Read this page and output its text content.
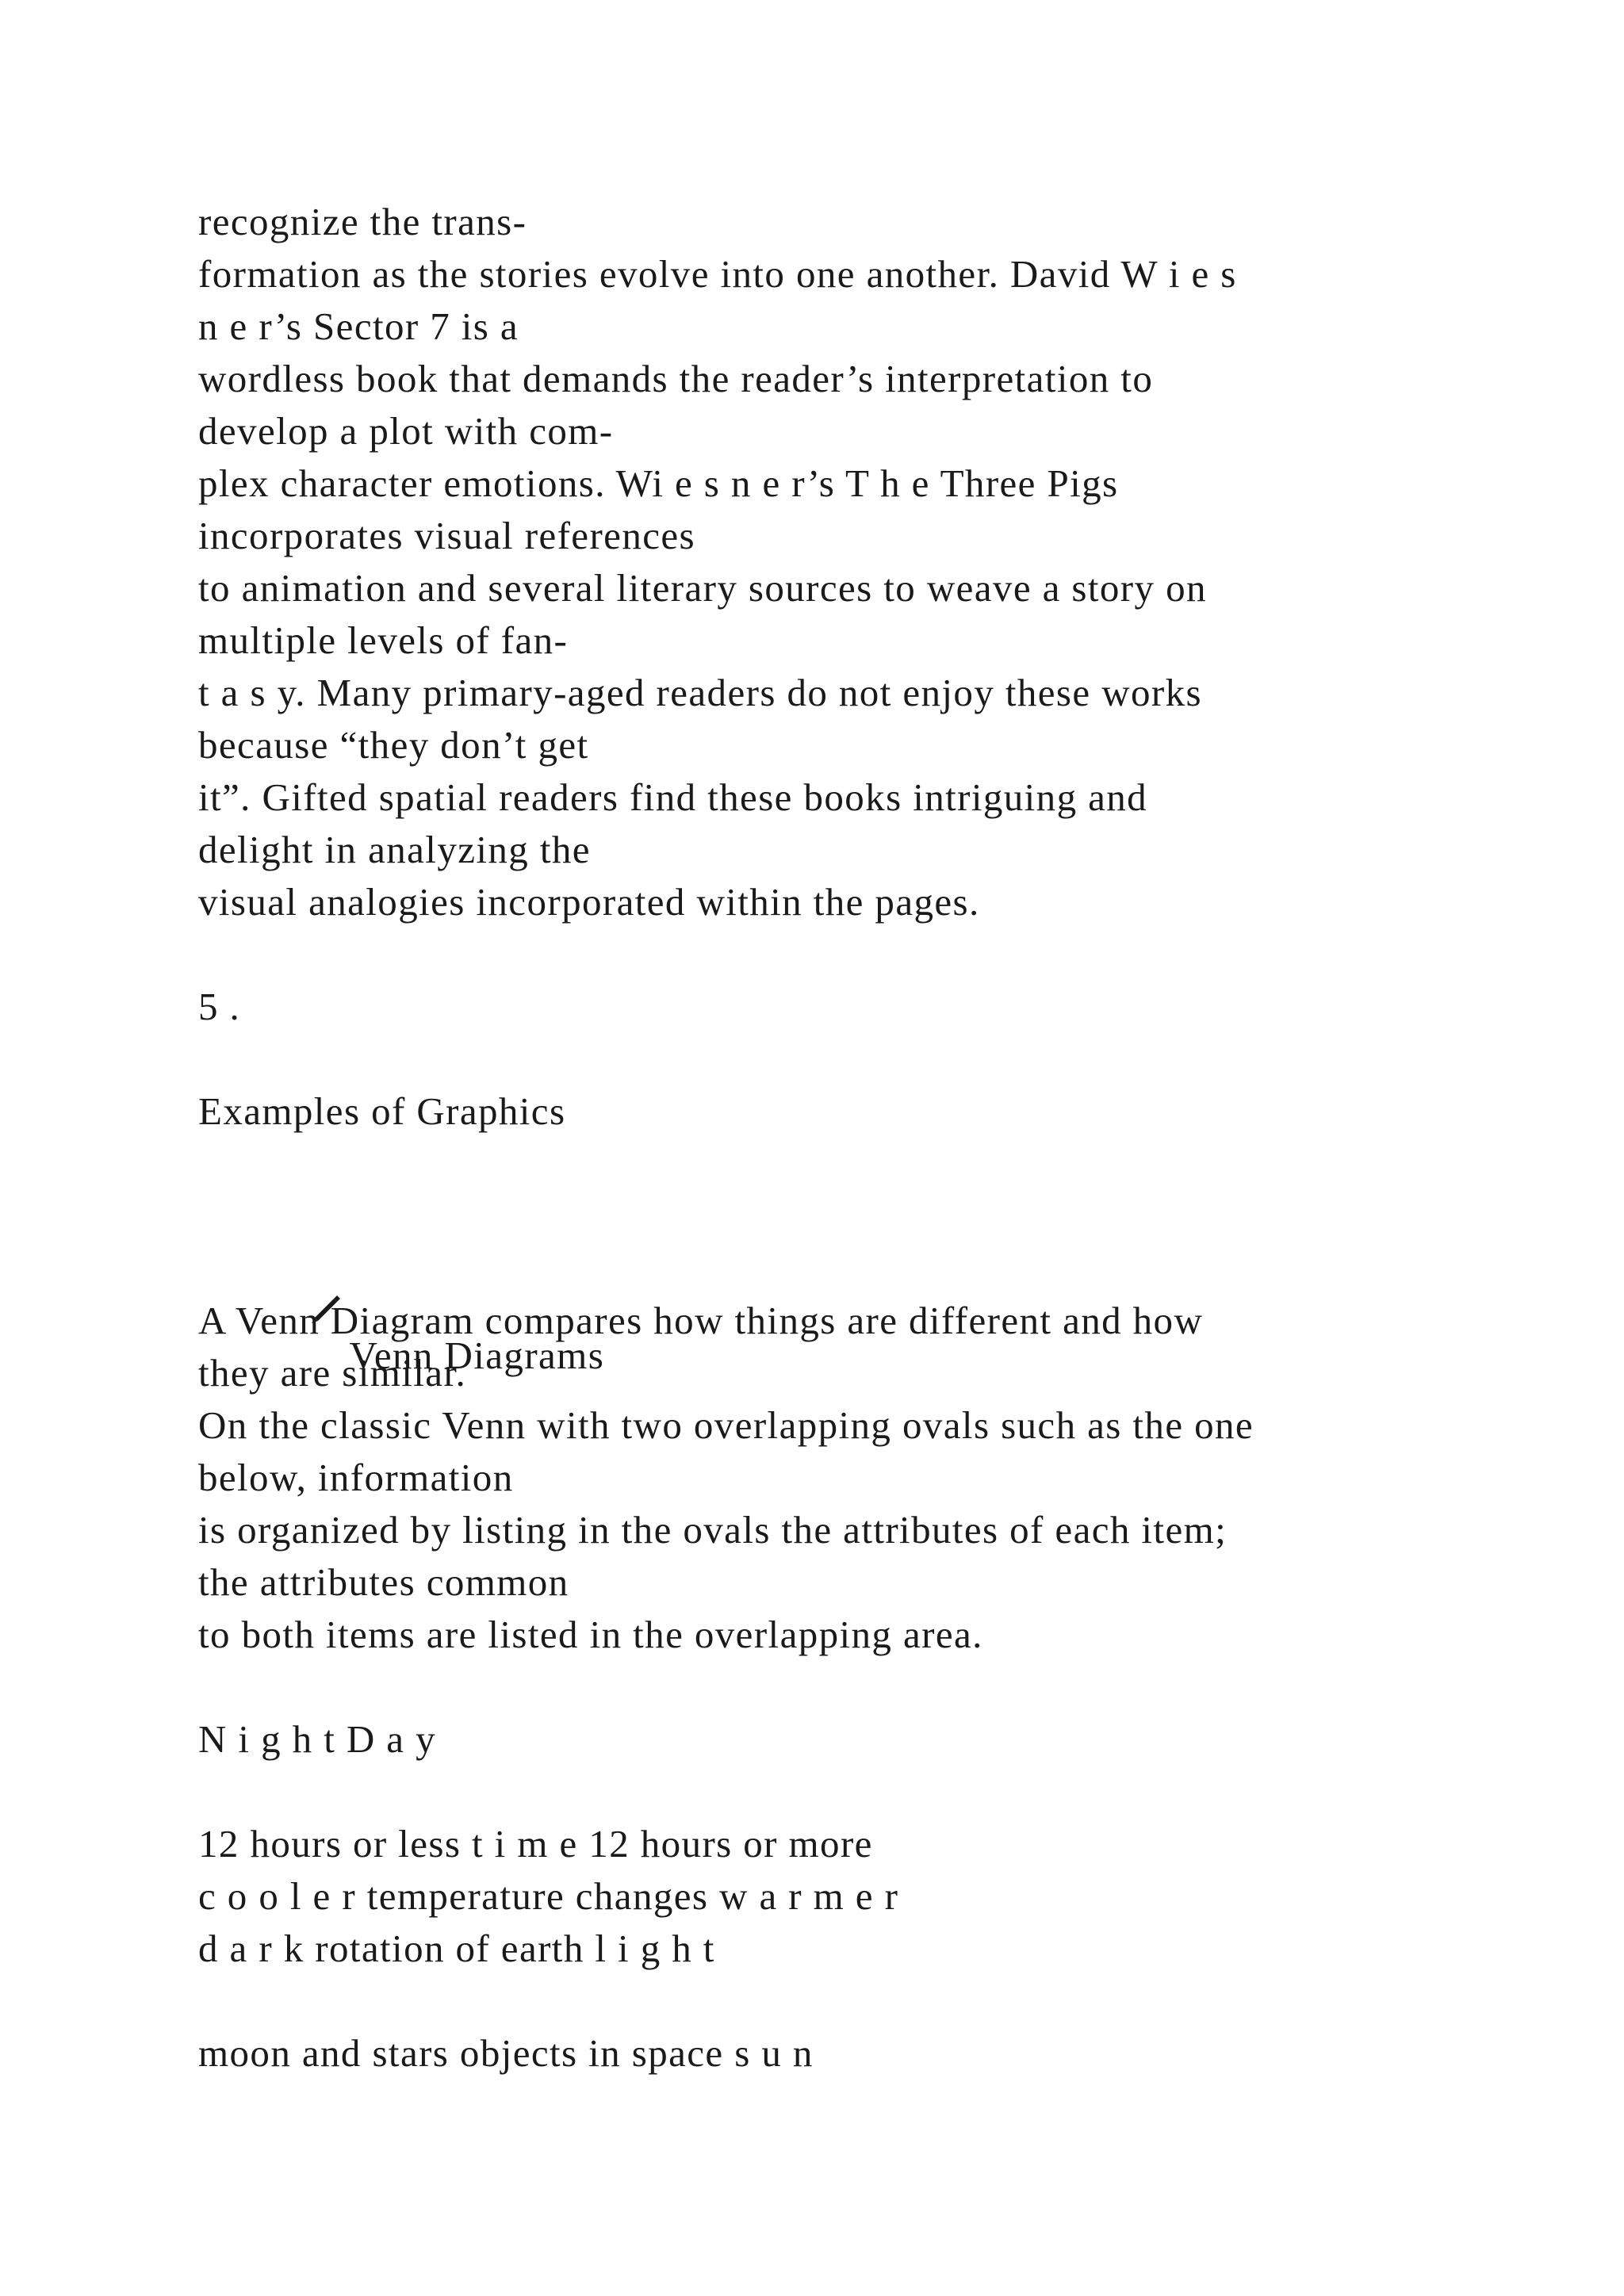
recognize the trans-

formation as the stories evolve into one another. David W i e s

n e r’s Sector 7 is a

wordless book that demands the reader’s interpretation to

develop a plot with com-

plex character emotions. Wi e s n e r’s T h e Three Pigs

incorporates visual references

to animation and several literary sources to weave a story on

multiple levels of fan-

t a s y. Many primary-aged readers do not enjoy these works

because “they don’t get

it”. Gifted spatial readers find these books intriguing and

delight in analyzing the

visual analogies incorporated within the pages.

5 .

Examples of Graphics

Venn Diagrams

A Venn Diagram compares how things are different and how

they are similar.

On the classic Venn with two overlapping ovals such as the one

below, information

is organized by listing in the ovals the attributes of each item;

the attributes common

to both items are listed in the overlapping area.

N i g h t D a y

12 hours or less t i m e 12 hours or more

c o o l e r temperature changes w a r m e r

d a r k rotation of earth l i g h t

moon and stars objects in space s u n
